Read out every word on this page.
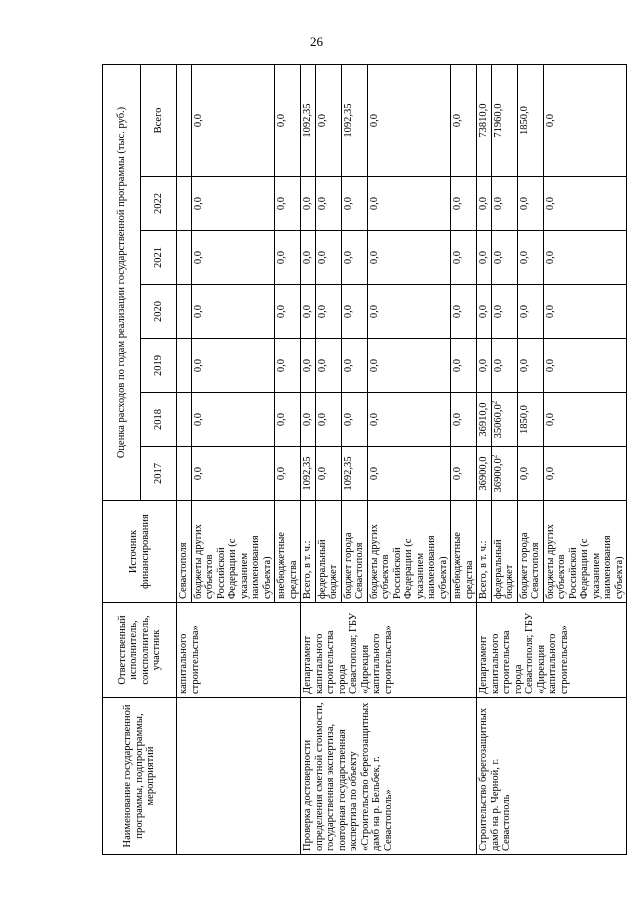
26
Наименование государственной программы, подпрограммы, мероприятий	Ответственный исполнитель, соисполнитель, участник	Источник финансирования	Оценка расходов по годам реализации государственной программы (тыс. руб.)						
			2017	2018	2019	2020	2021	2022	Всего
	капитального строительства»	Севастополя							
		бюджеты других субъектов Российской Федерации (с указанием наименования субъекта)	0,0	0,0	0,0	0,0	0,0	0,0	0,0
		внебюджетные средства	0,0	0,0	0,0	0,0	0,0	0,0	0,0
Проверка достоверности определения сметной стоимости, государственная экспертиза, повторная государственная экспертиза по объекту «Строительство берегозащитных дамб на р. Бельбек, г. Севастополь»	Департамент капитального строительства города Севастополя; ГБУ «Дирекция капитального строительства»	Всего, в т. ч.:	1092,35	0,0	0,0	0,0	0,0	0,0	1092,35
		федеральный бюджет	0,0	0,0	0,0	0,0	0,0	0,0	0,0
		бюджет города Севастополя	1092,35	0,0	0,0	0,0	0,0	0,0	1092,35
		бюджеты других субъектов Российской Федерации (с указанием наименования субъекта)	0,0	0,0	0,0	0,0	0,0	0,0	0,0
		внебюджетные средства	0,0	0,0	0,0	0,0	0,0	0,0	0,0
Строительство берегозащитных дамб на р. Черной, г. Севастополь	Департамент капитального строительства города Севастополя; ГБУ «Дирекция капитального строительства»	Всего, в т. ч.:	36900,0	36910,0	0,0	0,0	0,0	0,0	73810,0
		федеральный бюджет	36900,0$^2$	35060,0$^2$	0,0	0,0	0,0	0,0	71960,0
		бюджет города Севастополя	0,0	1850,0	0,0	0,0	0,0	0,0	1850,0
		бюджеты других субъектов Российской Федерации (с указанием наименования субъекта)	0,0	0,0	0,0	0,0	0,0	0,0	0,0
